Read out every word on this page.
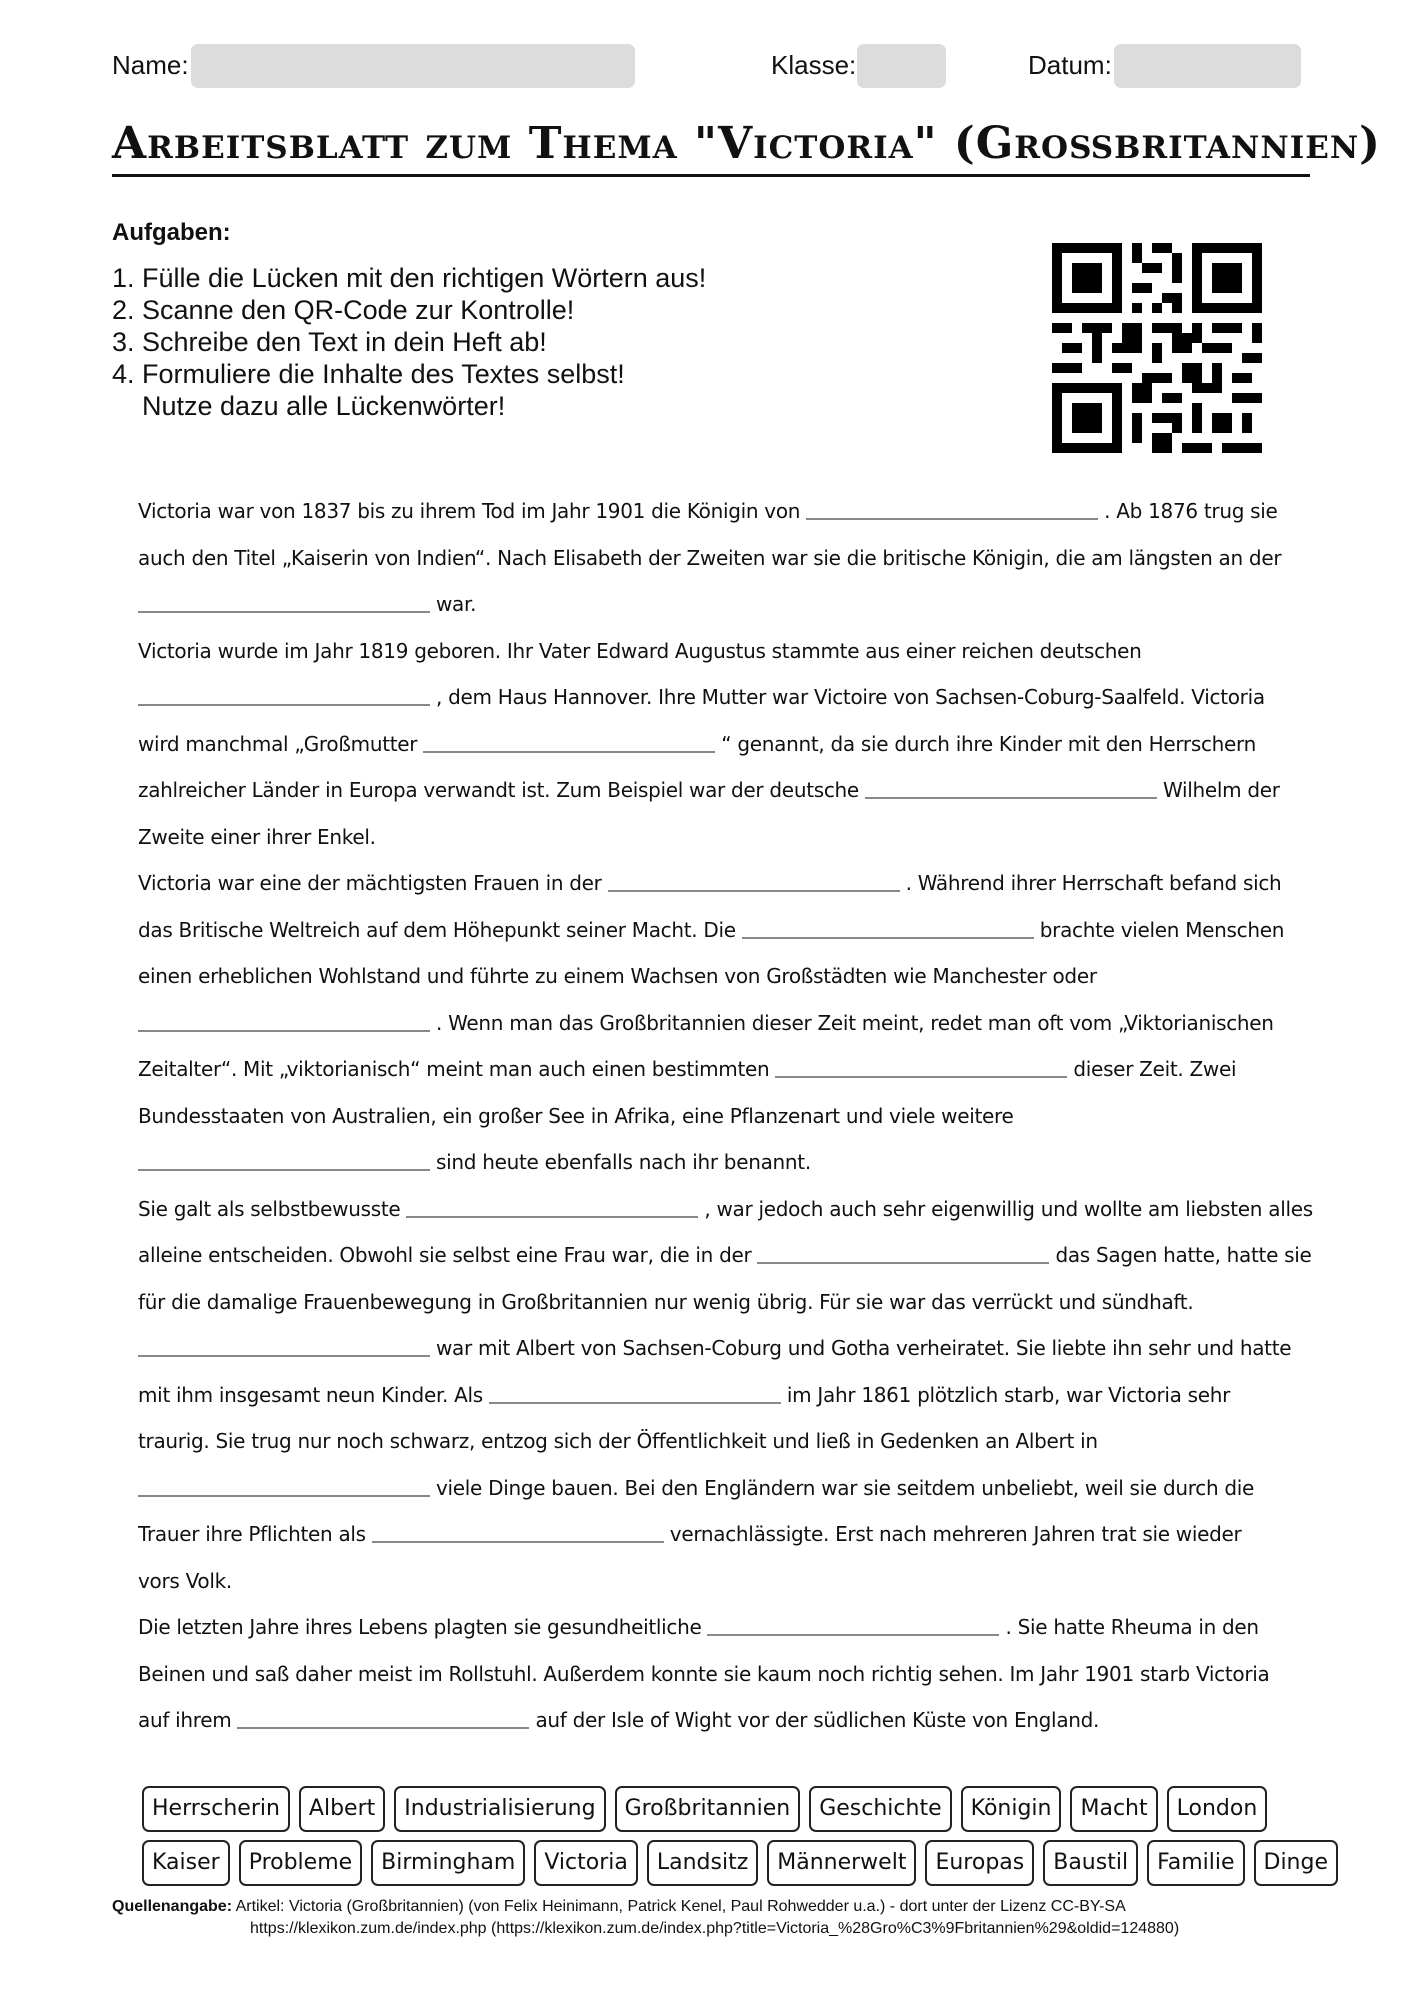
Name:	Klasse:	Datum:
Arbeitsblatt zum Thema "Victoria" (Großbritannien)
Aufgaben:
1. Fülle die Lücken mit den richtigen Wörtern aus!
2. Scanne den QR-Code zur Kontrolle!
3. Schreibe den Text in dein Heft ab!
4. Formuliere die Inhalte des Textes selbst!
Nutze dazu alle Lückenwörter!
Victoria war von 1837 bis zu ihrem Tod im Jahr 1901 die Königin von	. Ab 1876 trug sie
auch den Titel „Kaiserin von Indien“. Nach Elisabeth der Zweiten war sie die britische Königin, die am längsten an der
war.
Victoria wurde im Jahr 1819 geboren. Ihr Vater Edward Augustus stammte aus einer reichen deutschen
, dem Haus Hannover. Ihre Mutter war Victoire von Sachsen-Coburg-Saalfeld. Victoria
wird manchmal „Großmutter	“ genannt, da sie durch ihre Kinder mit den Herrschern
zahlreicher Länder in Europa verwandt ist. Zum Beispiel war der deutsche	Wilhelm der
Zweite einer ihrer Enkel.
Victoria war eine der mächtigsten Frauen in der	. Während ihrer Herrschaft befand sich
das Britische Weltreich auf dem Höhepunkt seiner Macht. Die	brachte vielen Menschen
einen erheblichen Wohlstand und führte zu einem Wachsen von Großstädten wie Manchester oder
. Wenn man das Großbritannien dieser Zeit meint, redet man oft vom „Viktorianischen
Zeitalter“. Mit „viktorianisch“ meint man auch einen bestimmten	dieser Zeit. Zwei
Bundesstaaten von Australien, ein großer See in Afrika, eine Pflanzenart und viele weitere
sind heute ebenfalls nach ihr benannt.
Sie galt als selbstbewusste	, war jedoch auch sehr eigenwillig und wollte am liebsten alles
alleine entscheiden. Obwohl sie selbst eine Frau war, die in der	das Sagen hatte, hatte sie
für die damalige Frauenbewegung in Großbritannien nur wenig übrig. Für sie war das verrückt und sündhaft.
war mit Albert von Sachsen-Coburg und Gotha verheiratet. Sie liebte ihn sehr und hatte
mit ihm insgesamt neun Kinder. Als	im Jahr 1861 plötzlich starb, war Victoria sehr
traurig. Sie trug nur noch schwarz, entzog sich der Öffentlichkeit und ließ in Gedenken an Albert in
viele Dinge bauen. Bei den Engländern war sie seitdem unbeliebt, weil sie durch die
Trauer ihre Pflichten als	vernachlässigte. Erst nach mehreren Jahren trat sie wieder
vors Volk.
Die letzten Jahre ihres Lebens plagten sie gesundheitliche	. Sie hatte Rheuma in den
Beinen und saß daher meist im Rollstuhl. Außerdem konnte sie kaum noch richtig sehen. Im Jahr 1901 starb Victoria
auf ihrem	auf der Isle of Wight vor der südlichen Küste von England.
Herrscherin	Albert	Industrialisierung	Großbritannien	Geschichte	Königin	Macht	London
Kaiser	Probleme	Birmingham	Victoria	Landsitz	Männerwelt	Europas	Baustil	Familie	Dinge
Quellenangabe: Artikel: Victoria (Großbritannien) (von Felix Heinimann, Patrick Kenel, Paul Rohwedder u.a.) - dort unter der Lizenz CC-BY-SA
https://klexikon.zum.de/index.php (https://klexikon.zum.de/index.php?title=Victoria_%28Gro%C3%9Fbritannien%29&oldid=124880)
